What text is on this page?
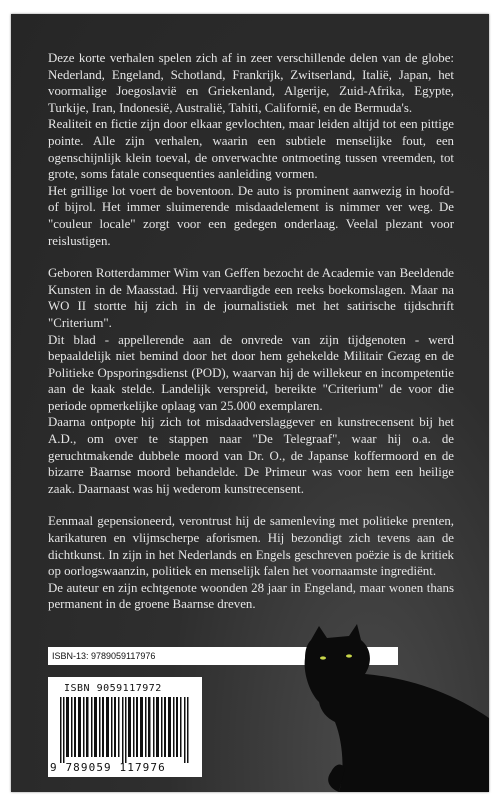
Deze korte verhalen spelen zich af in zeer verschillende delen van de globe: Nederland, Engeland, Schotland, Frankrijk, Zwitserland, Italië, Japan, het voormalige Joegoslavië en Griekenland, Algerije, Zuid-Afrika, Egypte, Turkije, Iran, Indonesië, Australië, Tahiti, Californië, en de Bermuda's.

Realiteit en fictie zijn door elkaar gevlochten, maar leiden altijd tot een pittige pointe. Alle zijn verhalen, waarin een subtiele menselijke fout, een ogenschijnlijk klein toeval, de onverwachte ontmoeting tussen vreemden, tot grote, soms fatale consequenties aanleiding vormen.

Het grillige lot voert de boventoon. De auto is prominent aanwezig in hoofd- of bijrol. Het immer sluimerende misdaadelement is nimmer ver weg. De "couleur locale" zorgt voor een gedegen onderlaag. Veelal plezant voor reislustigen.

Geboren Rotterdammer Wim van Geffen bezocht de Academie van Beeldende Kunsten in de Maasstad. Hij vervaardigde een reeks boekomslagen. Maar na WO II stortte hij zich in de journalistiek met het satirische tijdschrift "Criterium".

Dit blad - appellerende aan de onvrede van zijn tijdgenoten - werd bepaaldelijk niet bemind door het door hem gehekelde Militair Gezag en de Politieke Opsporingsdienst (POD), waarvan hij de willekeur en incompetentie aan de kaak stelde. Landelijk verspreid, bereikte "Criterium" de voor die periode opmerkelijke oplaag van 25.000 exemplaren.

Daarna ontpopte hij zich tot misdaadverslaggever en kunstrecensent bij het A.D., om over te stappen naar "De Telegraaf", waar hij o.a. de geruchtmakende dubbele moord van Dr. O., de Japanse koffermoord en de bizarre Baarnse moord behandelde. De Primeur was voor hem een heilige zaak. Daarnaast was hij wederom kunstrecensent.

Eenmaal gepensioneerd, verontrust hij de samenleving met politieke prenten, karikaturen en vlijmscherpe aforismen. Hij bezondigt zich tevens aan de dichtkunst. In zijn in het Nederlands en Engels geschreven poëzie is de kritiek op oorlogswaanzin, politiek en menselijk falen het voornaamste ingrediënt.

De auteur en zijn echtgenote woonden 28 jaar in Engeland, maar wonen thans permanent in de groene Baarnse dreven.

ISBN-13: 9789059117976
ISBN 9059117972
9 789059 117976
